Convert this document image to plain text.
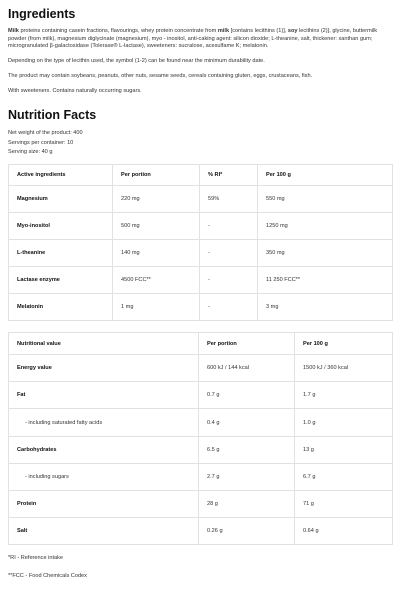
Ingredients

Milk proteins containing casein fractions, flavourings, whey protein concentrate from milk [contains lecithins (1)], soy lecithins (2)], glycine, buttermilk powder (from milk), magnesium diglycinate (magnesium), myo - inositol, anti-caking agent: silicon dioxide; L-theanine, salt, thickener: xanthan gum; microgranulated β-galactosidase (Tolerase® L-lactase), sweeteners: sucralose, acesulfame K; melatonin.

Depending on the type of lecithin used, the symbol (1-2) can be found near the minimum durability date.

The product may contain soybeans, peanuts, other nuts, sesame seeds, cereals containing gluten, eggs, crustaceans, fish.

With sweeteners. Contains naturally occurring sugars.

Nutrition Facts
Net weight of the product: 400
Servings per container: 10
Serving size: 40 g
Active ingredients	Per portion	% RI*	Per 100 g
Magnesium	220 mg	59%	550 mg
Myo-inositol	500 mg	-	1250 mg
L-theanine	140 mg	-	350 mg
Lactase enzyme	4500 FCC**	-	11 250 FCC**
Melatonin	1 mg	-	3 mg
Nutritional value	Per portion	Per 100 g
Energy value	600 kJ / 144 kcal	1500 kJ / 360 kcal
Fat	0.7 g	1.7 g
- including saturated fatty acids	0.4 g	1.0 g
Carbohydrates	6.5 g	13 g
- including sugars	2.7 g	6.7 g
Protein	28 g	71 g
Salt	0.26 g	0.64 g
*RI - Reference intake
**FCC - Food Chemicals Codex
